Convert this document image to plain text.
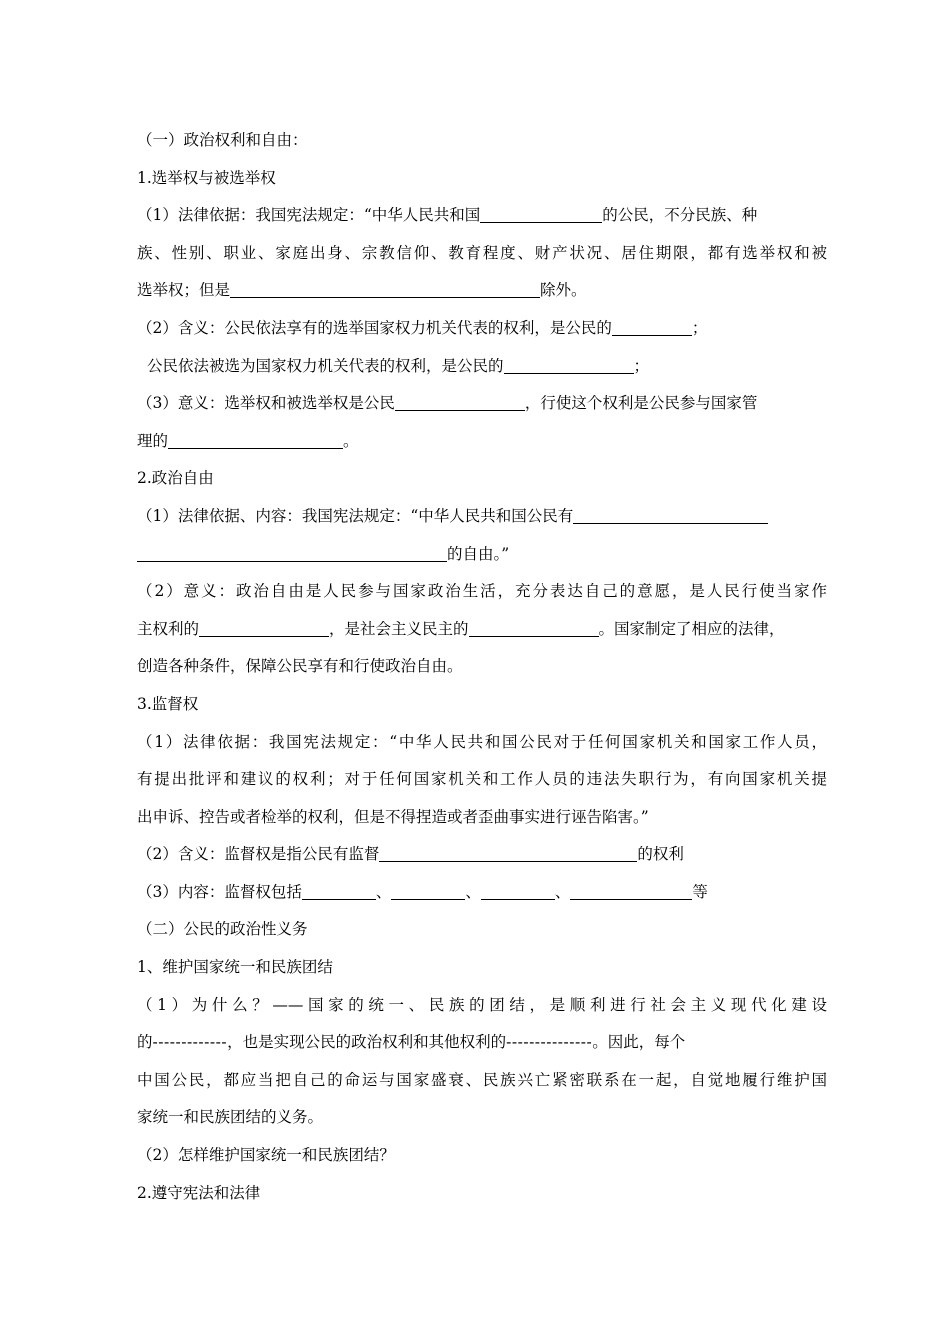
（一）政治权利和自由：
1.选举权与被选举权
（1）法律依据：我国宪法规定：“中华人民共和国	的公民，不分民族、种
族、性别、职业、家庭出身、宗教信仰、教育程度、财产状况、居住期限，都有选举权和被
选举权；但是	除外。
（2）含义：公民依法享有的选举国家权力机关代表的权利，是公民的	；
公民依法被选为国家权力机关代表的权利，是公民的	；
（3）意义：选举权和被选举权是公民	，行使这个权利是公民参与国家管
理的	。
2.政治自由
（1）法律依据、内容：我国宪法规定：“中华人民共和国公民有
的自由。”
（2）意义：政治自由是人民参与国家政治生活，充分表达自己的意愿，是人民行使当家作
主权利的	，是社会主义民主的	。国家制定了相应的法律，
创造各种条件，保障公民享有和行使政治自由。
3.监督权
（1）法律依据：我国宪法规定：“中华人民共和国公民对于任何国家机关和国家工作人员，
有提出批评和建议的权利；对于任何国家机关和工作人员的违法失职行为，有向国家机关提
出申诉、控告或者检举的权利，但是不得捏造或者歪曲事实进行诬告陷害。”
（2）含义：监督权是指公民有监督	的权利
（3）内容：监督权包括	、	、	、	等
（二）公民的政治性义务
1、维护国家统一和民族团结
（1）为什么？——国家的统一、民族的团结，是顺利进行社会主义现代化建设
的-------------，也是实现公民的政治权利和其他权利的---------------。因此，每个
中国公民，都应当把自己的命运与国家盛衰、民族兴亡紧密联系在一起，自觉地履行维护国
家统一和民族团结的义务。
（2）怎样维护国家统一和民族团结？
2.遵守宪法和法律
